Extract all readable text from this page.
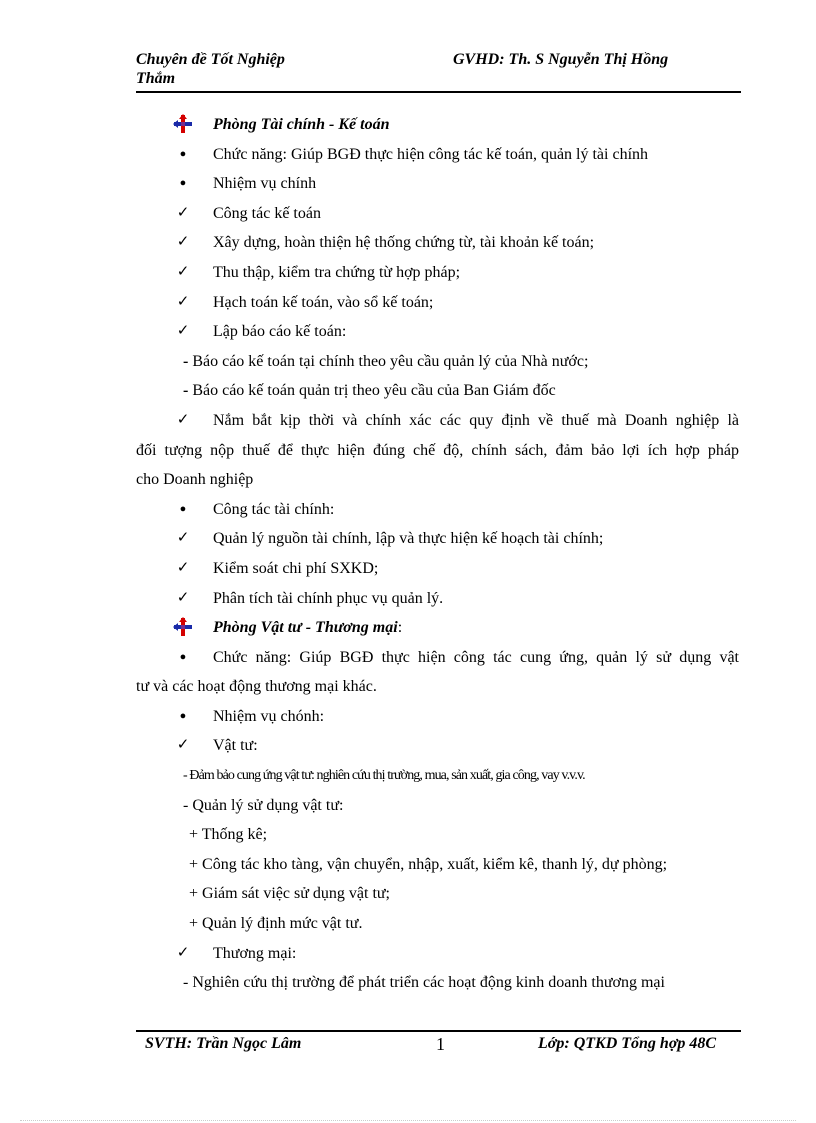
Chuyên đề Tốt Nghiệp
Thắm
GVHD: Th. S Nguyễn Thị Hồng
Phòng Tài chính - Kế toán
●	Chức năng: Giúp BGĐ thực hiện công tác kế toán, quản lý tài chính
●	Nhiệm vụ chính
✓ Công tác kế toán
✓ Xây dựng, hoàn thiện hệ thống chứng từ, tài khoản kế toán;
✓ Thu thập, kiểm tra chứng từ hợp pháp;
✓ Hạch toán kế toán, vào sổ kế toán;
✓ Lập báo cáo kế toán:
- Báo cáo kế toán tại chính theo yêu cầu quản lý của Nhà nước;
- Báo cáo kế toán quản trị theo yêu cầu của Ban Giám đốc
✓ Nắm bắt kịp thời và chính xác các quy định về thuế mà Doanh nghiệp là
đối tượng nộp thuế để thực hiện đúng chế độ, chính sách, đảm bảo lợi ích hợp pháp
cho Doanh nghiệp
●	Công tác tài chính:
✓ Quản lý nguồn tài chính, lập và thực hiện kế hoạch tài chính;
✓ Kiểm soát chi phí SXKD;
✓ Phân tích tài chính phục vụ quản lý.
Phòng Vật tư - Thương mại:
●	Chức năng: Giúp BGĐ thực hiện công tác cung ứng, quản lý sử dụng vật
tư và các hoạt động thương mại khác.
●	Nhiệm vụ chónh:
✓ Vật tư:
- Đảm bảo cung ứng vật tư: nghiên cứu thị trường, mua, sản xuất, gia công, vay v.v.v.
- Quản lý sử dụng vật tư:
+ Thống kê;
+ Công tác kho tàng, vận chuyển, nhập, xuất, kiểm kê, thanh lý, dự phòng;
+ Giám sát việc sử dụng vật tư;
+ Quản lý định mức vật tư.
✓ Thương mại:
- Nghiên cứu thị trường để phát triển các hoạt động kinh doanh thương mại
SVTH: Trần Ngọc Lâm	1	Lớp: QTKD Tổng hợp 48C
